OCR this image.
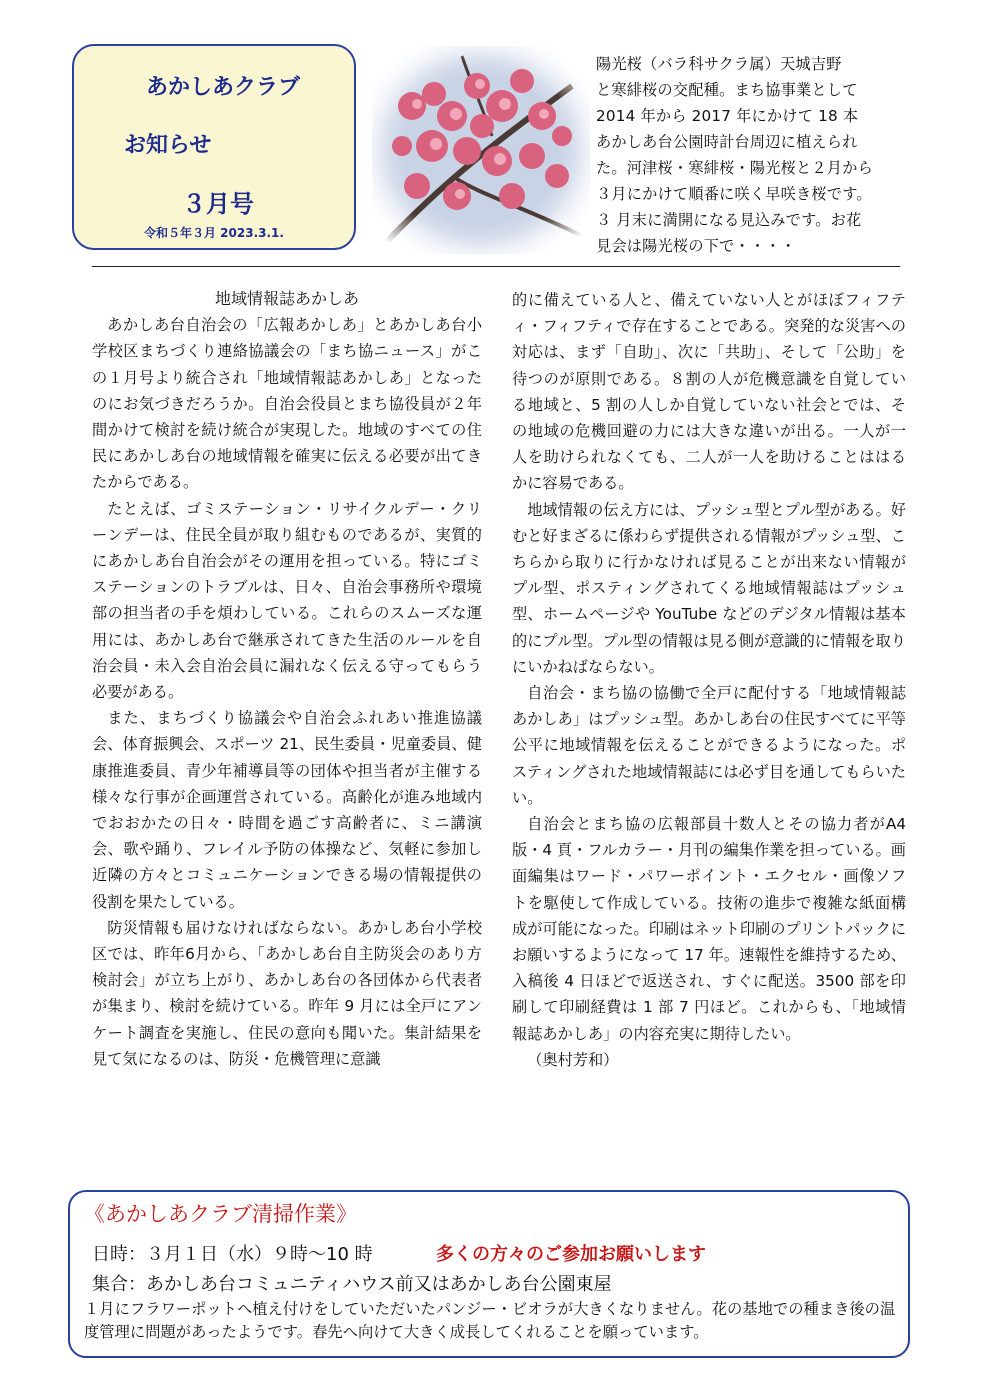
あかしあクラブ
お知らせ
３月号
令和５年３月 2023.3.1.
陽光桜（バラ科サクラ属）天城吉野
と寒緋桜の交配種。まち協事業として
2014 年から 2017 年にかけて 18 本
あかしあ台公園時計台周辺に植えられ
た。河津桜・寒緋桜・陽光桜と２月から
３月にかけて順番に咲く早咲き桜です。
３ 月末に満開になる見込みです。お花
見会は陽光桜の下で・・・・

地域情報誌あかしあ

あかしあ台自治会の「広報あかしあ」とあかしあ台小学校区まちづくり連絡協議会の「まち協ニュース」がこの１月号より統合され「地域情報誌あかしあ」となったのにお気づきだろうか。自治会役員とまち協役員が２年間かけて検討を続け統合が実現した。地域のすべての住民にあかしあ台の地域情報を確実に伝える必要が出てきたからである。

たとえば、ゴミステーション・リサイクルデー・クリーンデーは、住民全員が取り組むものであるが、実質的にあかしあ台自治会がその運用を担っている。特にゴミステーションのトラブルは、日々、自治会事務所や環境部の担当者の手を煩わしている。これらのスムーズな運用には、あかしあ台で継承されてきた生活のルールを自治会員・未入会自治会員に漏れなく伝える守ってもらう必要がある。

また、まちづくり協議会や自治会ふれあい推進協議会、体育振興会、スポーツ 21、民生委員・児童委員、健康推進委員、青少年補導員等の団体や担当者が主催する様々な行事が企画運営されている。高齢化が進み地域内でおおかたの日々・時間を過ごす高齢者に、ミニ講演会、歌や踊り、フレイル予防の体操など、気軽に参加し近隣の方々とコミュニケーションできる場の情報提供の役割を果たしている。

防災情報も届けなければならない。あかしあ台小学校区では、昨年6月から、「あかしあ台自主防災会のあり方検討会」が立ち上がり、あかしあ台の各団体から代表者が集まり、検討を続けている。昨年 9 月には全戸にアンケート調査を実施し、住民の意向も聞いた。集計結果を見て気になるのは、防災・危機管理に意識

的に備えている人と、備えていない人とがほぼフィフティ・フィフティで存在することである。突発的な災害への対応は、まず「自助」、次に「共助」、そして「公助」を待つのが原則である。８割の人が危機意識を自覚している地域と、5 割の人しか自覚していない社会とでは、その地域の危機回避の力には大きな違いが出る。一人が一人を助けられなくても、二人が一人を助けることははるかに容易である。

地域情報の伝え方には、プッシュ型とプル型がある。好むと好まざるに係わらず提供される情報がプッシュ型、こちらから取りに行かなければ見ることが出来ない情報がプル型、ポスティングされてくる地域情報誌はプッシュ型、ホームページや YouTube などのデジタル情報は基本的にプル型。プル型の情報は見る側が意識的に情報を取りにいかねばならない。

自治会・まち協の協働で全戸に配付する「地域情報誌あかしあ」はプッシュ型。あかしあ台の住民すべてに平等公平に地域情報を伝えることができるようになった。ポスティングされた地域情報誌には必ず目を通してもらいたい。

自治会とまち協の広報部員十数人とその協力者がA4 版・4 頁・フルカラー・月刊の編集作業を担っている。画面編集はワード・パワーポイント・エクセル・画像ソフトを駆使して作成している。技術の進歩で複雑な紙面構成が可能になった。印刷はネット印刷のプリントパックにお願いするようになって 17 年。速報性を維持するため、入稿後 4 日ほどで返送され、すぐに配送。3500 部を印刷して印刷経費は 1 部 7 円ほど。これからも、「地域情報誌あかしあ」の内容充実に期待したい。

（奥村芳和）

《あかしあクラブ清掃作業》
日時：３月１日（水）９時～10 時	多くの方々のご参加お願いします
集合：あかしあ台コミュニティハウス前又はあかしあ台公園東屋
１月にフラワーポットへ植え付けをしていただいたパンジー・ビオラが大きくなりません。花の基地での種まき後の温度管理に問題があったようです。春先へ向けて大きく成長してくれることを願っています。
